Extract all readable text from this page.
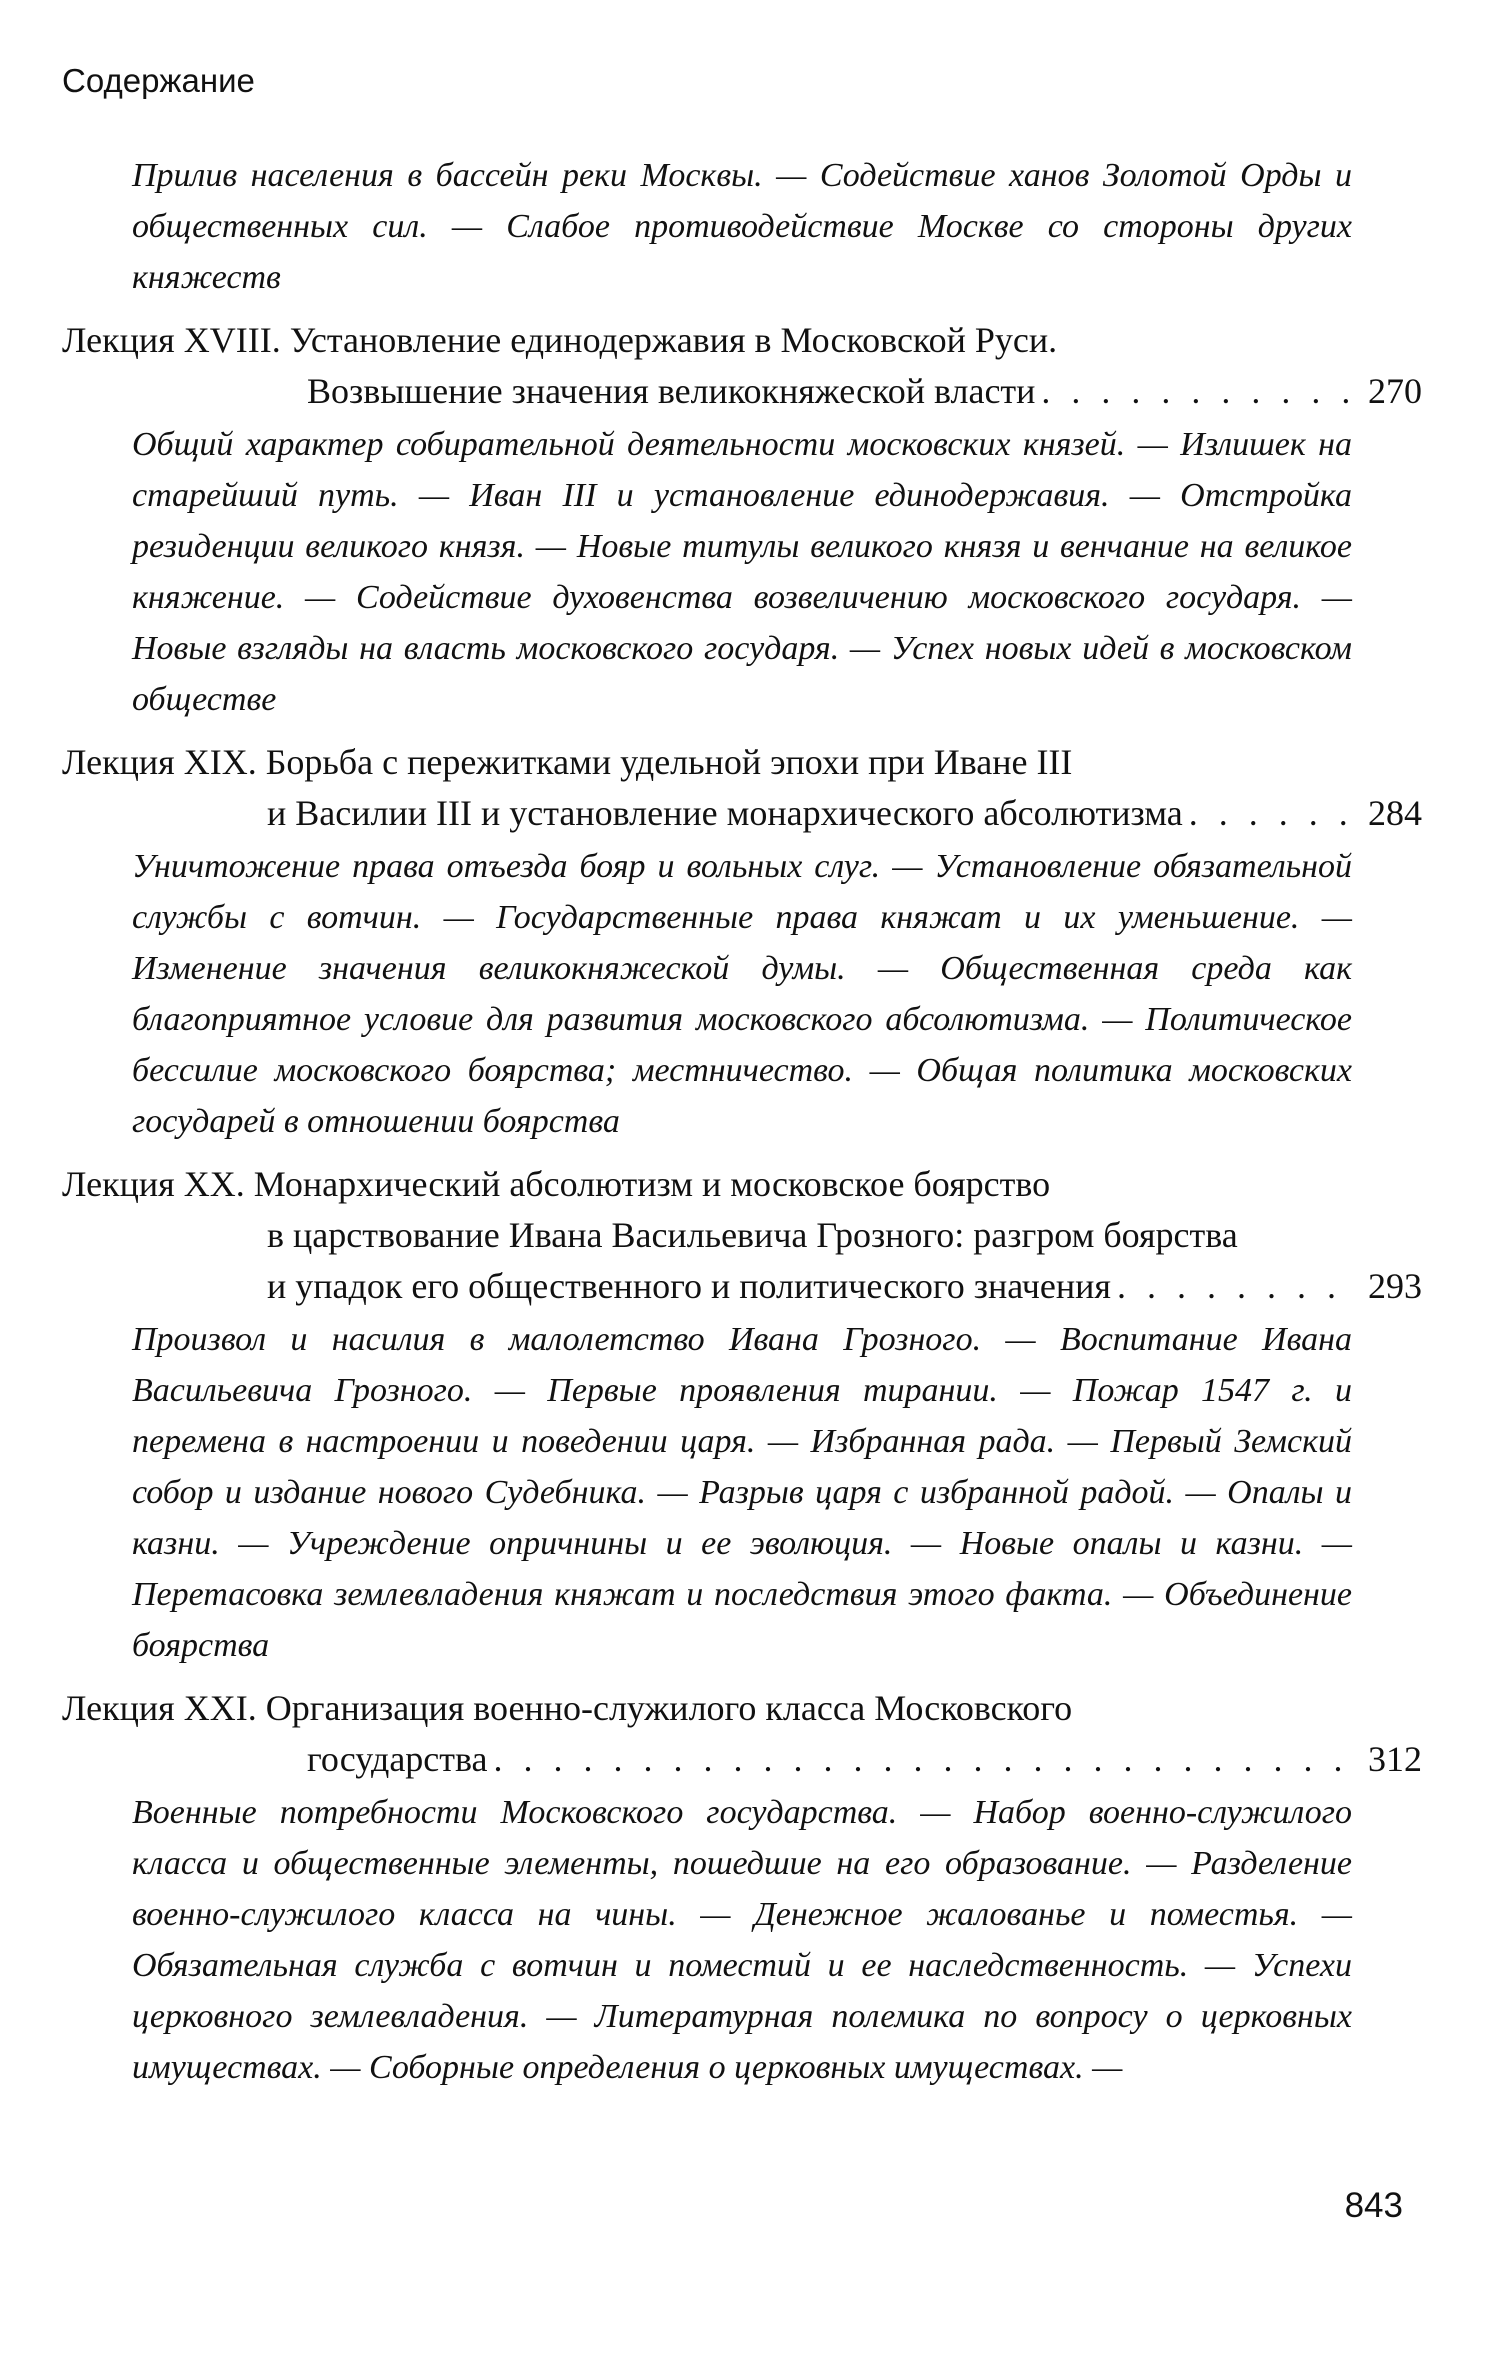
Содержание
Прилив населения в бассейн реки Москвы. — Содействие ханов Золотой Орды и общественных сил. — Слабое противодействие Москве со стороны других княжеств
Лекция XVIII. Установление единодержавия в Московской Руси.
Возвышение значения великокняжеской власти . . .	270
Общий характер собирательной деятельности московских князей. — Излишек на старейший путь. — Иван III и установление единодержавия. — Отстройка резиденции великого князя. — Новые титулы великого князя и венчание на великое княжение. — Содействие духовенства возвеличению московского государя. — Новые взгляды на власть московского государя. — Успех новых идей в московском обществе
Лекция XIX. Борьба с пережитками удельной эпохи при Иване III
и Василии III и установление монархического абсолютизма . . .	284
Уничтожение права отъезда бояр и вольных слуг. — Установление обязательной службы с вотчин. — Государственные права княжат и их уменьшение. — Изменение значения великокняжеской думы. — Общественная среда как благоприятное условие для развития московского абсолютизма. — Политическое бессилие московского боярства; местничество. — Общая политика московских государей в отношении боярства
Лекция XX. Монархический абсолютизм и московское боярство
в царствование Ивана Васильевича Грозного: разгром боярства
и упадок его общественного и политического значения . . .	293
Произвол и насилия в малолетство Ивана Грозного. — Воспитание Ивана Васильевича Грозного. — Первые проявления тирании. — Пожар 1547 г. и перемена в настроении и поведении царя. — Избранная рада. — Первый Земский собор и издание нового Судебника. — Разрыв царя с избранной радой. — Опалы и казни. — Учреждение опричнины и ее эволюция. — Новые опалы и казни. — Перетасовка землевладения княжат и последствия этого факта. — Объединение боярства
Лекция XXI. Организация военно-служилого класса Московского
государства . . .	312
Военные потребности Московского государства. — Набор военно-служилого класса и общественные элементы, пошедшие на его образование. — Разделение военно-служилого класса на чины. — Денежное жалованье и поместья. — Обязательная служба с вотчин и поместий и ее наследственность. — Успехи церковного землевладения. — Литературная полемика по вопросу о церковных имуществах. — Соборные определения о церковных имуществах. —
843
